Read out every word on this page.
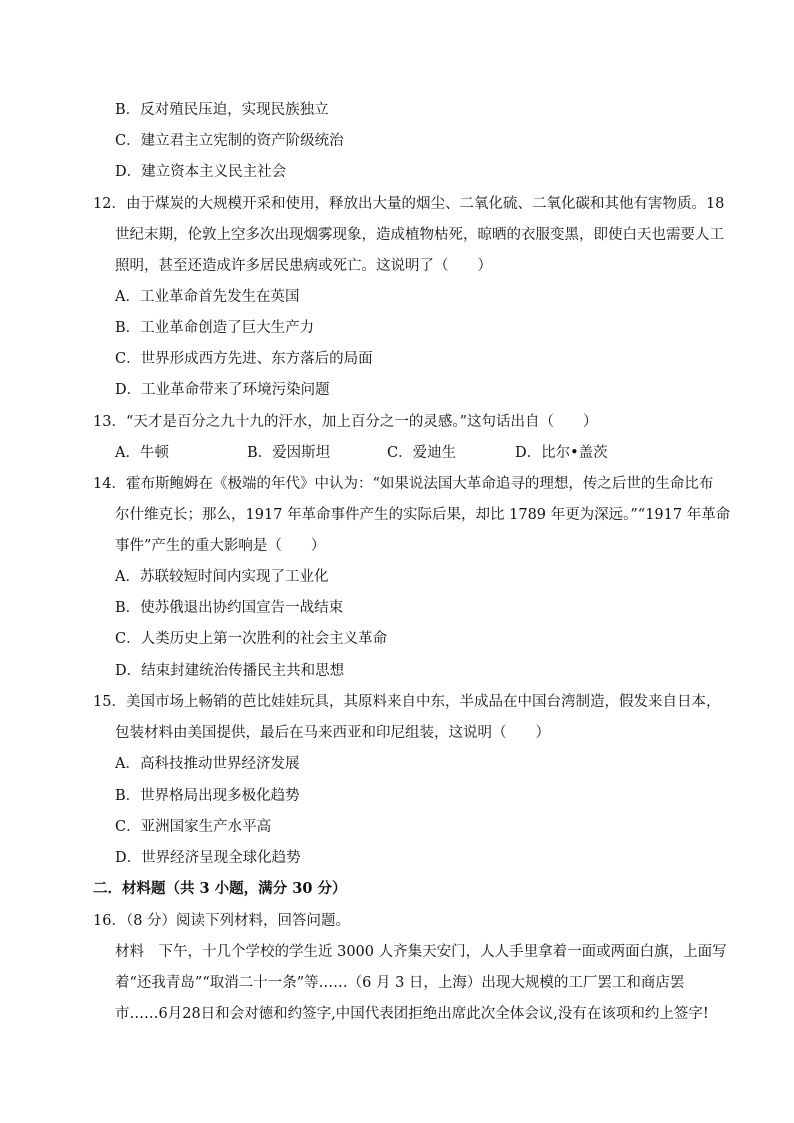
B．反对殖民压迫，实现民族独立
C．建立君主立宪制的资产阶级统治
D．建立资本主义民主社会
12．由于煤炭的大规模开采和使用，释放出大量的烟尘、二氧化硫、二氧化碳和其他有害物质。18
世纪末期，伦敦上空多次出现烟雾现象，造成植物枯死，晾晒的衣服变黑，即使白天也需要人工
照明，甚至还造成许多居民患病或死亡。这说明了（　　）
A．工业革命首先发生在英国
B．工业革命创造了巨大生产力
C．世界形成西方先进、东方落后的局面
D．工业革命带来了环境污染问题
13．“天才是百分之九十九的汗水，加上百分之一的灵感。”这句话出自（　　）
A．牛顿	B．爱因斯坦	C．爱迪生	D．比尔•盖茨
14．霍布斯鲍姆在《极端的年代》中认为：“如果说法国大革命追寻的理想，传之后世的生命比布
尔什维克长；那么，1917 年革命事件产生的实际后果，却比 1789 年更为深远。”“1917 年革命
事件”产生的重大影响是（　　）
A．苏联较短时间内实现了工业化
B．使苏俄退出协约国宣告一战结束
C．人类历史上第一次胜利的社会主义革命
D．结束封建统治传播民主共和思想
15．美国市场上畅销的芭比娃娃玩具，其原料来自中东，半成品在中国台湾制造，假发来自日本，
包装材料由美国提供，最后在马来西亚和印尼组装，这说明（　　）
A．高科技推动世界经济发展
B．世界格局出现多极化趋势
C．亚洲国家生产水平高
D．世界经济呈现全球化趋势
二．材料题（共 3 小题，满分 30 分）
16．（8 分）阅读下列材料，回答问题。
材料　下午，十几个学校的学生近 3000 人齐集天安门，人人手里拿着一面或两面白旗，上面写
着“还我青岛”“取消二十一条”等……（6 月 3 日，上海）出现大规模的工厂罢工和商店罢
市……6月28日和会对德和约签字,中国代表团拒绝出席此次全体会议,没有在该项和约上签字!
